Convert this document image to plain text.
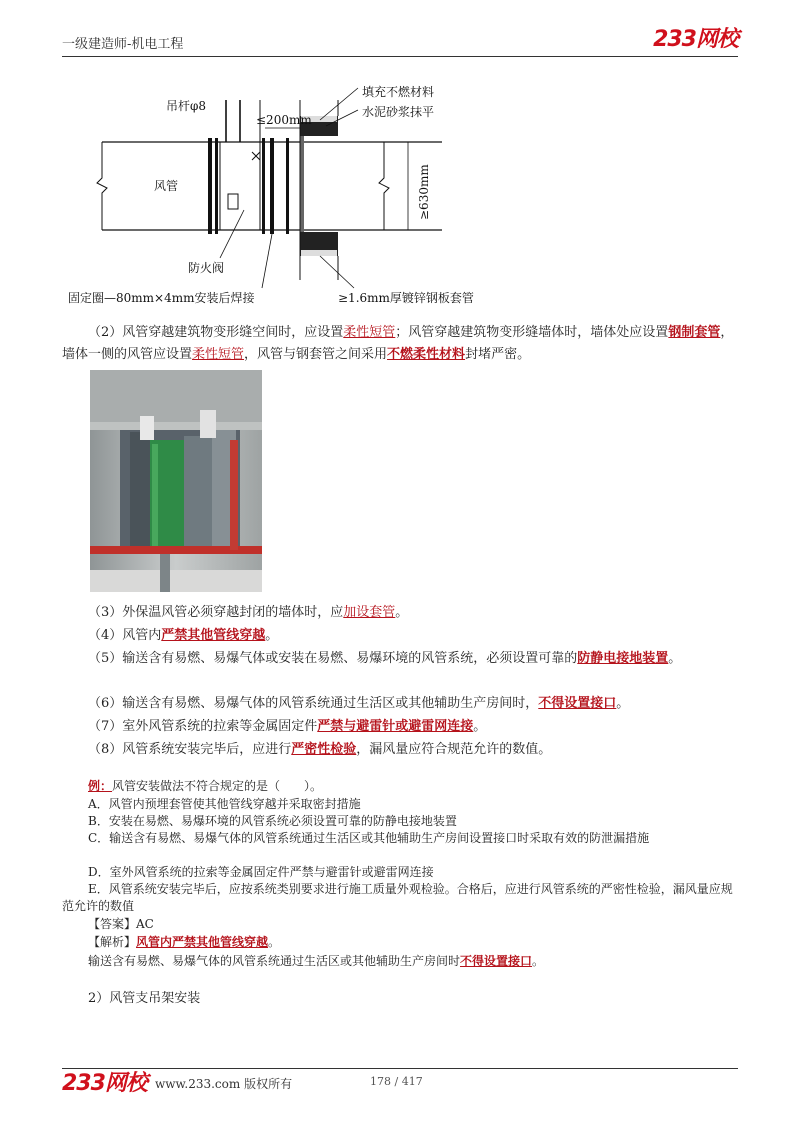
一级建造师-机电工程	233网校
吊杆φ8
≤200mm
填充不燃材料
水泥砂浆抹平
风管	≥630mm
防火阀
固定圈—80mm×4mm安装后焊接	≥1.6mm厚镀锌钢板套管
（2）风管穿越建筑物变形缝空间时，应设置柔性短管；风管穿越建筑物变形缝墙体时，墙体处应设置钢制套管，墙体一侧的风管应设置柔性短管，风管与钢套管之间采用不燃柔性材料封堵严密。
（3）外保温风管必须穿越封闭的墙体时，应加设套管。
（4）风管内严禁其他管线穿越。
（5）输送含有易燃、易爆气体或安装在易燃、易爆环境的风管系统，必须设置可靠的防静电接地装置。
（6）输送含有易燃、易爆气体的风管系统通过生活区或其他辅助生产房间时，不得设置接口。
（7）室外风管系统的拉索等金属固定件严禁与避雷针或避雷网连接。
（8）风管系统安装完毕后，应进行严密性检验，漏风量应符合规范允许的数值。
例：风管安装做法不符合规定的是（　　）。
A．风管内预埋套管使其他管线穿越并采取密封措施
B．安装在易燃、易爆环境的风管系统必须设置可靠的防静电接地装置
C．输送含有易燃、易爆气体的风管系统通过生活区或其他辅助生产房间设置接口时采取有效的防泄漏措施
D．室外风管系统的拉索等金属固定件严禁与避雷针或避雷网连接
E．风管系统安装完毕后，应按系统类别要求进行施工质量外观检验。合格后，应进行风管系统的严密性检验，漏风量应规范允许的数值
【答案】AC
【解析】风管内严禁其他管线穿越。
输送含有易燃、易爆气体的风管系统通过生活区或其他辅助生产房间时不得设置接口。
2）风管支吊架安装
233网校 www.233.com 版权所有	178 / 417
